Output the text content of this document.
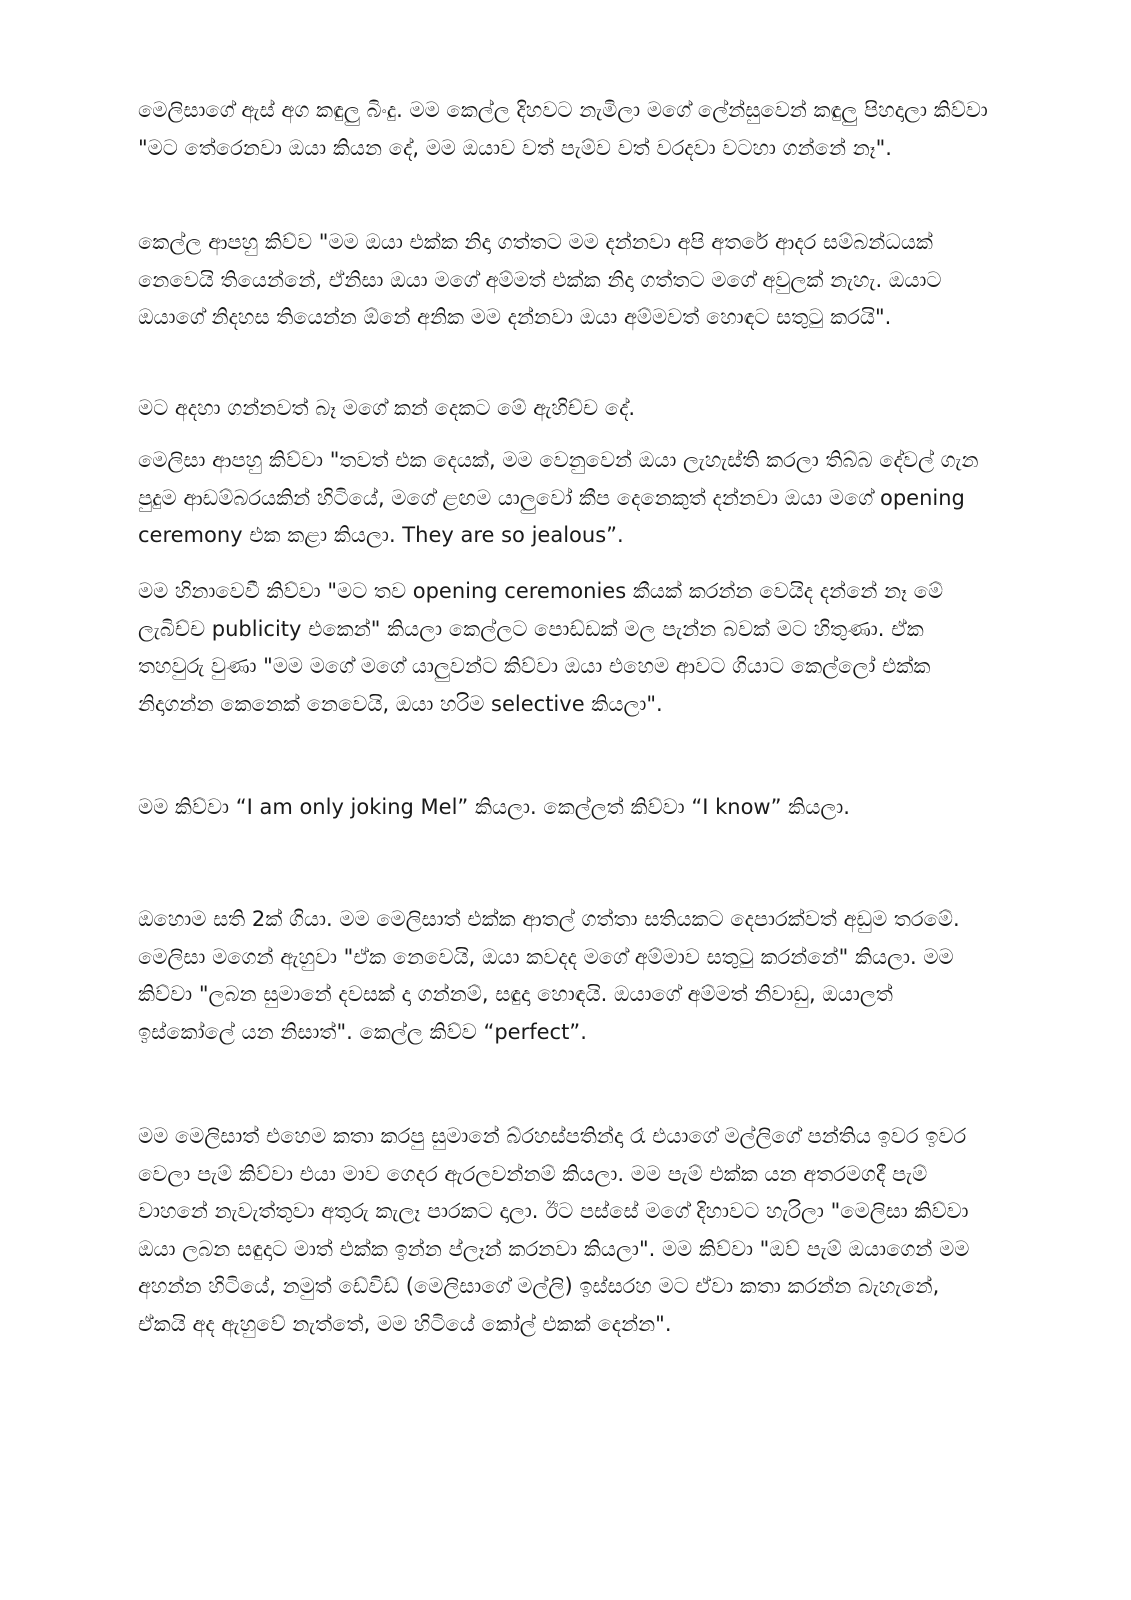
මෙලිසාගේ ඇස් අග කඳුලු බිංදු. මම කෙල්ල දිහවට නැමිලා මගේ ලේන්සුවෙන් කඳුලු පිහදාලා කිව්වා "මට තේරෙනවා ඔයා කියන දේ, මම ඔයාව වත් පැම්ව වත් වරදවා වටහා ගන්නේ නෑ".

කෙල්ල ආපහු කිව්ව "මම ඔයා එක්ක නිදා ගත්තට මම දන්නවා අපි අතරේ ආදර සම්බන්ධයක් නෙවෙයි තියෙන්නේ, ඒනිසා ඔයා මගේ අම්මත් එක්ක නිදා ගත්තට මගේ අවුලක් නැහැ. ඔයාට ඔයාගේ නිදහස තියෙන්න ඕනේ අනික මම දන්නවා ඔයා අම්මවත් හොඳට සතුටු කරයි".

මට අදහා ගන්නවත් බෑ මගේ කන් දෙකට මේ ඇහිච්ච දේ.

මෙලිසා ආපහු කිව්වා "තවත් එක දෙයක්, මම වෙනුවෙන් ඔයා ලැහැස්ති කරලා තිබ්බ දේවල් ගැන පුදුම ආඩම්බරයකින් හිටියේ, මගේ ළඟම යාලුවෝ කීප දෙනෙකුත් දන්නවා ඔයා මගේ opening ceremony එක කළා කියලා. They are so jealous”.

මම හිනාවෙවී කිව්වා "මට තව opening ceremonies කීයක් කරන්න වෙයිද දන්නේ නෑ මේ ලැබිච්ච publicity එකෙන්" කියලා කෙල්ලට පොඩ්ඩක් මල පැන්න බවක් මට හිතුණා. ඒක තහවුරු වුණා "මම මගේ මගේ යාලුවන්ට කිව්වා ඔයා එහෙම ආවට ගියාට කෙල්ලෝ එක්ක නිදාගන්න කෙනෙක් නෙවෙයි, ඔයා හරිම selective කියලා".

මම කිව්වා “I am only joking Mel” කියලා. කෙල්ලත් කිව්වා “I know” කියලා.

ඔහොම සති 2ක් ගියා. මම මෙලිසාත් එක්ක ආතල් ගත්තා සතියකට දෙපාරක්වත් අඩුම තරමේ. මෙලිසා මගෙන් ඇහුවා "ඒක නෙවෙයි, ඔයා කවදද මගේ අම්මාව සතුටු කරන්නේ" කියලා. මම කිව්වා "ලබන සුමානේ දවසක් දා ගන්නම්, සඳුදා හොඳයි. ඔයාගේ අම්මත් නිවාඩු, ඔයාලත් ඉස්කෝලේ යන නිසාත්". කෙල්ල කිව්ව “perfect”.

මම මෙලිසාත් එහෙම කතා කරපු සුමානේ බ්රහස්පතින්දා රෑ එයාගේ මල්ලිගේ පන්තිය ඉවර ඉවර වෙලා පැම් කිව්වා එයා මාව ගෙදර ඇරලවන්නම් කියලා. මම පැම් එක්ක යන අතරමගදී පැම් වාහනේ නැවැත්තුවා අතුරු කැලෑ පාරකට දාලා. ඊට පස්සේ මගේ දිහාවට හැරිලා "මෙලිසා කිව්වා ඔයා ලබන සඳුදාට මාත් එක්ක ඉන්න ප්ලෑන් කරනවා කියලා". මම කිව්වා "ඔව් පැම් ඔයාගෙන් මම අහන්න හිටියේ, නමුත් ඩේවිඩ් (මෙලිසාගේ මල්ලි) ඉස්සරහ මට ඒවා කතා කරන්න බැහැනේ, ඒකයි අද ඇහුවේ නැත්තේ, මම හිටියේ කෝල් එකක් දෙන්න".
